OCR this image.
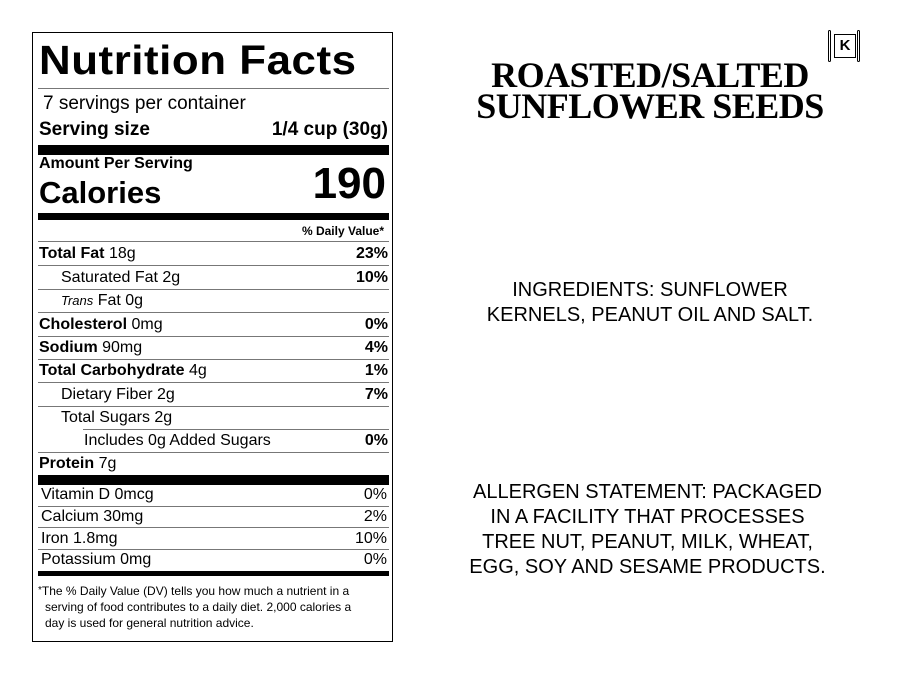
Nutrition Facts
7 servings per container
Serving size	1/4 cup (30g)
Amount Per Serving
Calories	190
% Daily Value*
Total Fat 18g	23%
Saturated Fat 2g	10%
Trans Fat 0g
Cholesterol 0mg	0%
Sodium 90mg	4%
Total Carbohydrate 4g	1%
Dietary Fiber 2g	7%
Total Sugars 2g
Includes 0g Added Sugars	0%
Protein 7g
Vitamin D 0mcg	0%
Calcium 30mg	2%
Iron 1.8mg	10%
Potassium 0mg	0%
*The % Daily Value (DV) tells you how much a nutrient in a
serving of food contributes to a daily diet. 2,000 calories a
day is used for general nutrition advice.
K
ROASTED/SALTED
SUNFLOWER SEEDS
INGREDIENTS: SUNFLOWER
KERNELS, PEANUT OIL AND SALT.
ALLERGEN STATEMENT: PACKAGED
IN A FACILITY THAT PROCESSES
TREE NUT, PEANUT, MILK, WHEAT,
EGG, SOY AND SESAME PRODUCTS.
